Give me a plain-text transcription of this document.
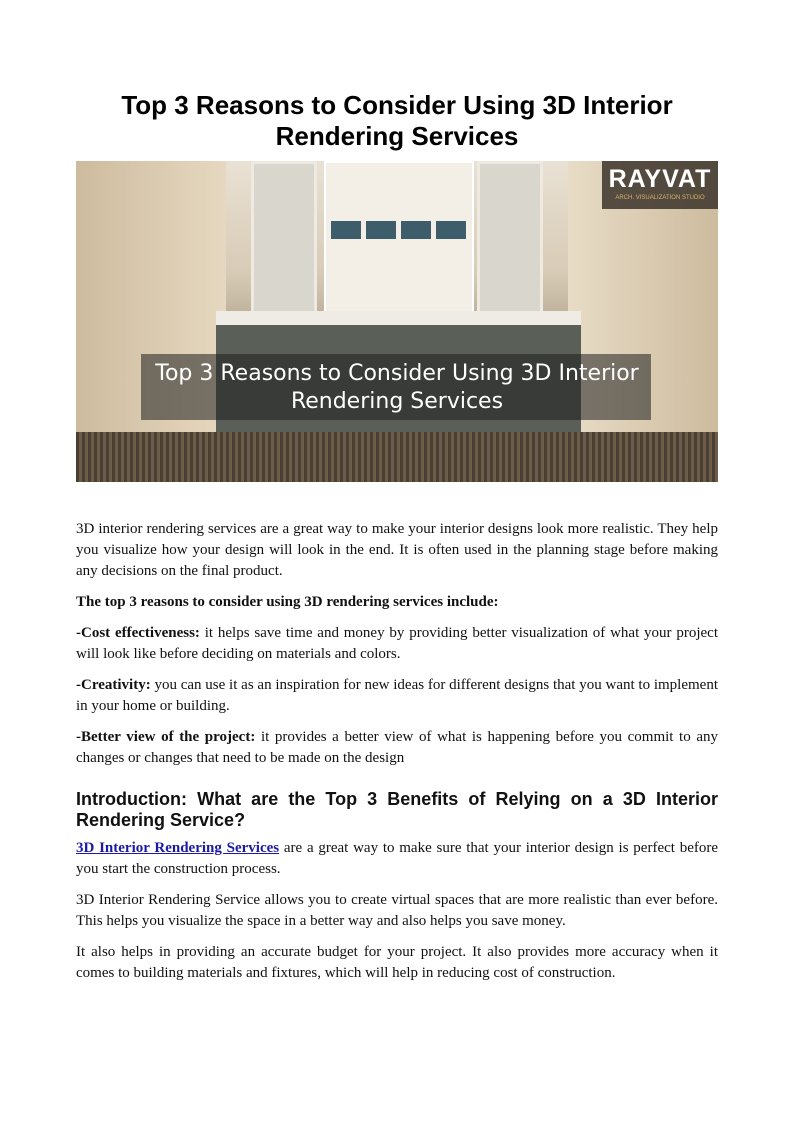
Top 3 Reasons to Consider Using 3D Interior Rendering Services
Top 3 Reasons to Consider Using 3D Interior
Rendering Services
RAYVAT
ARCH. VISUALIZATION STUDIO

3D interior rendering services are a great way to make your interior designs look more realistic. They help you visualize how your design will look in the end. It is often used in the planning stage before making any decisions on the final product.

The top 3 reasons to consider using 3D rendering services include:

-Cost effectiveness: it helps save time and money by providing better visualization of what your project will look like before deciding on materials and colors.

-Creativity: you can use it as an inspiration for new ideas for different designs that you want to implement in your home or building.

-Better view of the project: it provides a better view of what is happening before you commit to any changes or changes that need to be made on the design

Introduction: What are the Top 3 Benefits of Relying on a 3D Interior Rendering Service?

3D Interior Rendering Services are a great way to make sure that your interior design is perfect before you start the construction process.

3D Interior Rendering Service allows you to create virtual spaces that are more realistic than ever before. This helps you visualize the space in a better way and also helps you save money.

It also helps in providing an accurate budget for your project. It also provides more accuracy when it comes to building materials and fixtures, which will help in reducing cost of construction.
